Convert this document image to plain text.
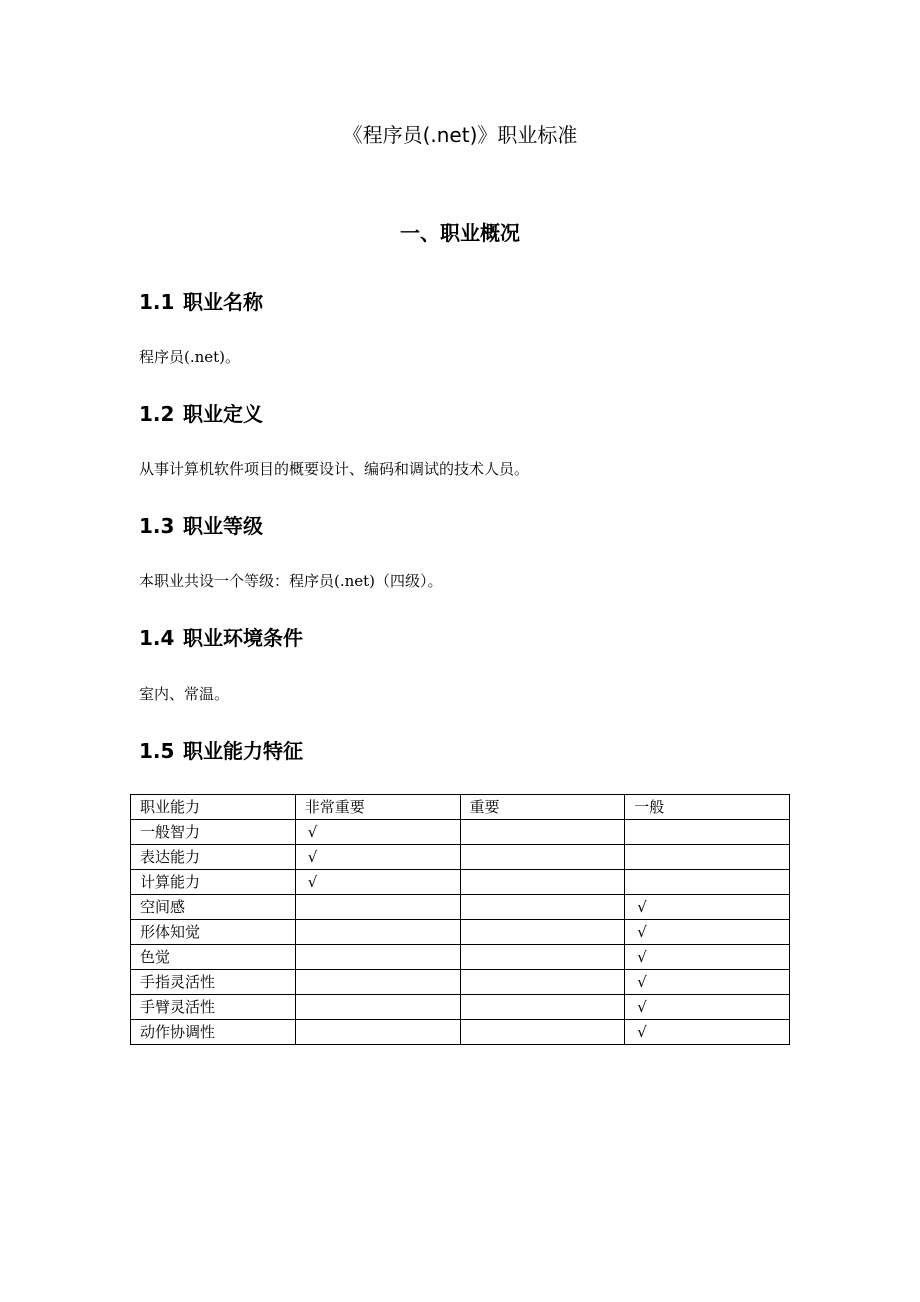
《程序员(.net)》职业标准
一、职业概况
1.1 职业名称

程序员(.net)。

1.2 职业定义

从事计算机软件项目的概要设计、编码和调试的技术人员。

1.3 职业等级

本职业共设一个等级：程序员(.net)（四级）。

1.4 职业环境条件

室内、常温。

1.5 职业能力特征
职业能力	非常重要	重要	一般
一般智力	√		
表达能力	√		
计算能力	√		
空间感			√
形体知觉			√
色觉			√
手指灵活性			√
手臂灵活性			√
动作协调性			√
